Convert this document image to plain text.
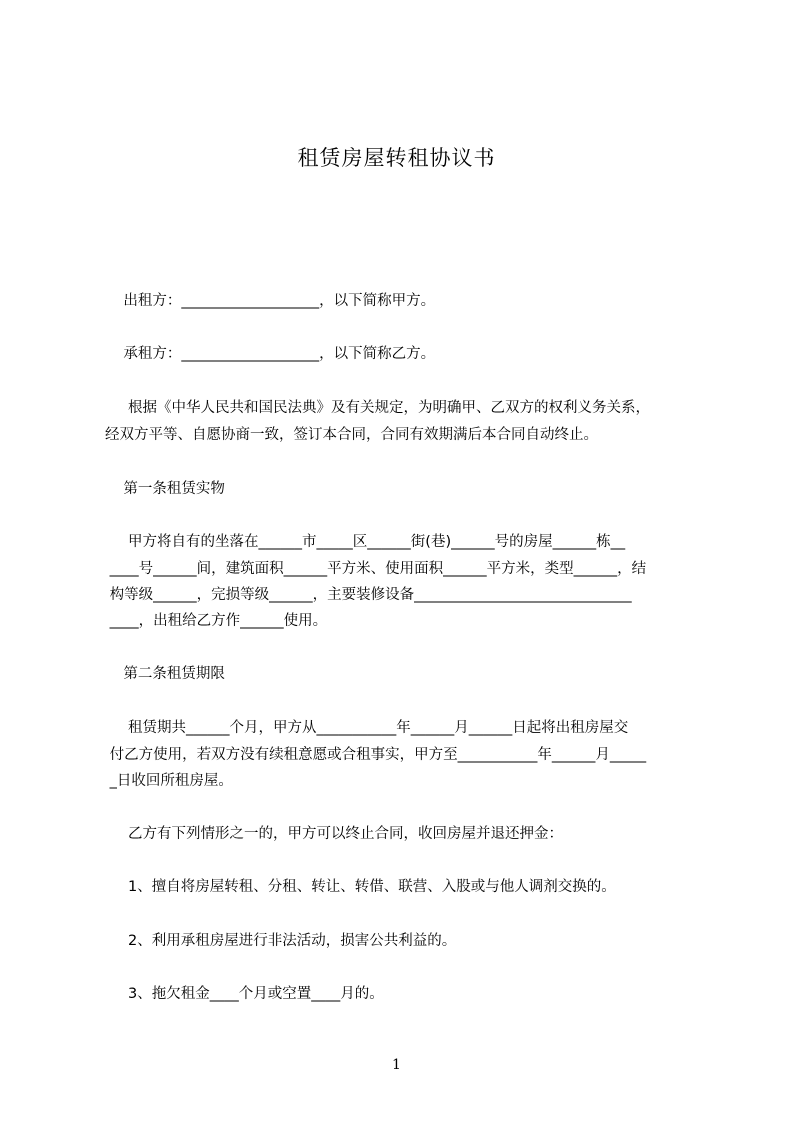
租赁房屋转租协议书
出租方：___________________，以下简称甲方。
承租方：___________________，以下简称乙方。
根据《中华人民共和国民法典》及有关规定，为明确甲、乙双方的权利义务关系，
经双方平等、自愿协商一致，签订本合同，合同有效期满后本合同自动终止。
第一条租赁实物
甲方将自有的坐落在______市_____区______街(巷)______号的房屋______栋__
____号______间，建筑面积______平方米、使用面积______平方米，类型______，结
构等级______，完损等级______，主要装修设备______________________________
____，出租给乙方作______使用。
第二条租赁期限
租赁期共______个月，甲方从___________年______月______日起将出租房屋交
付乙方使用，若双方没有续租意愿或合租事实，甲方至___________年______月_____
_日收回所租房屋。
乙方有下列情形之一的，甲方可以终止合同，收回房屋并退还押金：
1、擅自将房屋转租、分租、转让、转借、联营、入股或与他人调剂交换的。
2、利用承租房屋进行非法活动，损害公共利益的。
3、拖欠租金____个月或空置____月的。
1
